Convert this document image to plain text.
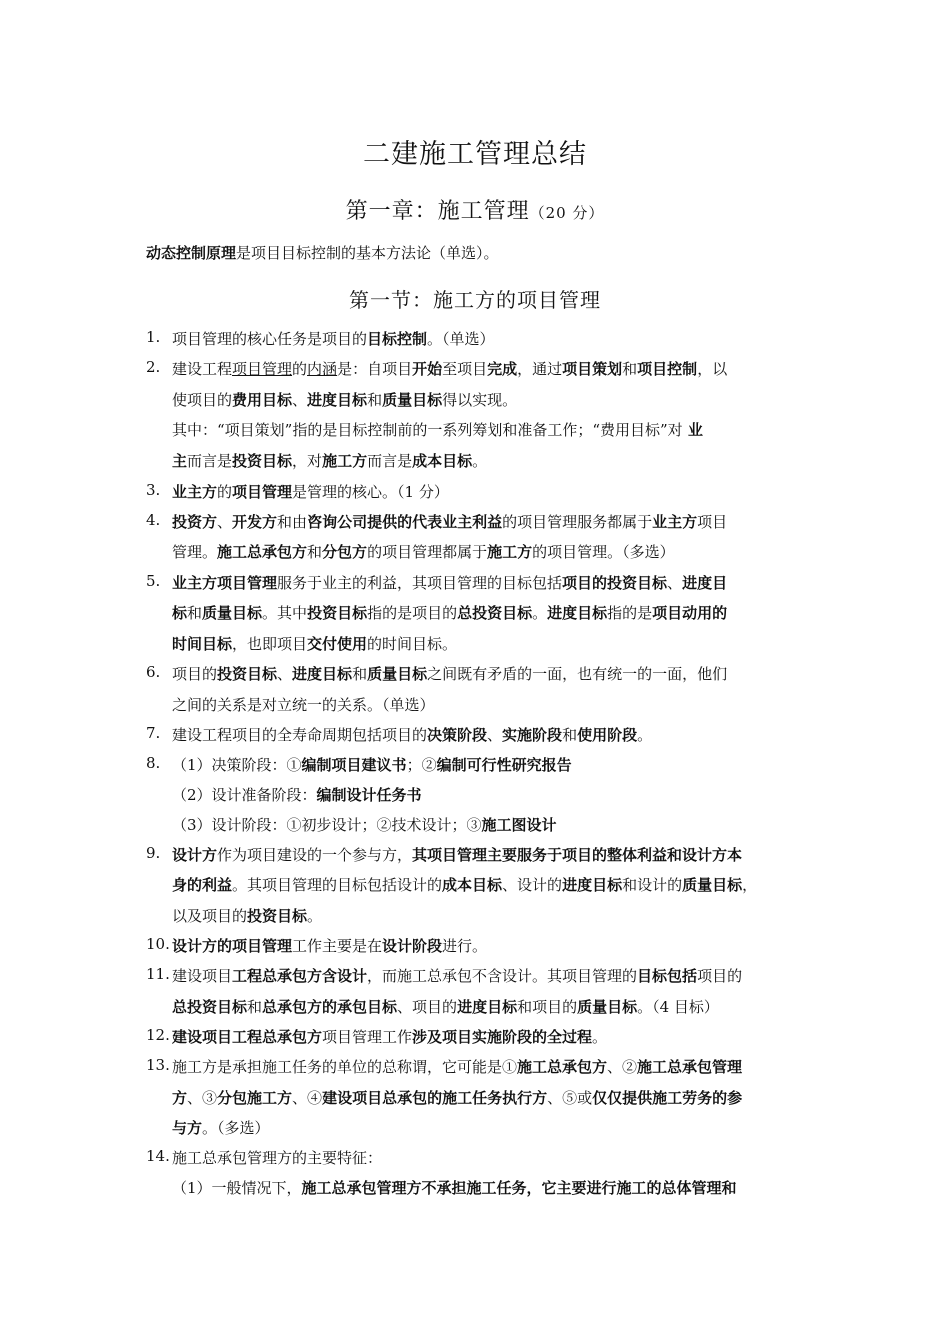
二建施工管理总结
第一章：施工管理（20 分）
动态控制原理是项目目标控制的基本方法论（单选）。
第一节：施工方的项目管理
1. 项目管理的核心任务是项目的目标控制。（单选）
2. 建设工程项目管理的内涵是：自项目开始至项目完成，通过项目策划和项目控制，以
使项目的费用目标、进度目标和质量目标得以实现。
其中：“项目策划”指的是目标控制前的一系列筹划和准备工作；“费用目标”对 业
主而言是投资目标，对施工方而言是成本目标。
3. 业主方的项目管理是管理的核心。（1 分）
4. 投资方、开发方和由咨询公司提供的代表业主利益的项目管理服务都属于业主方项目
管理。施工总承包方和分包方的项目管理都属于施工方的项目管理。（多选）
5. 业主方项目管理服务于业主的利益，其项目管理的目标包括项目的投资目标、进度目
标和质量目标。其中投资目标指的是项目的总投资目标。进度目标指的是项目动用的
时间目标，也即项目交付使用的时间目标。
6. 项目的投资目标、进度目标和质量目标之间既有矛盾的一面，也有统一的一面，他们
之间的关系是对立统一的关系。（单选）
7. 建设工程项目的全寿命周期包括项目的决策阶段、实施阶段和使用阶段。
8. （1）决策阶段：①编制项目建议书；②编制可行性研究报告
（2）设计准备阶段：编制设计任务书
（3）设计阶段：①初步设计；②技术设计；③施工图设计
9. 设计方作为项目建设的一个参与方，其项目管理主要服务于项目的整体利益和设计方本
身的利益。其项目管理的目标包括设计的成本目标、设计的进度目标和设计的质量目标，
以及项目的投资目标。
10. 设计方的项目管理工作主要是在设计阶段进行。
11. 建设项目工程总承包方含设计，而施工总承包不含设计。其项目管理的目标包括项目的
总投资目标和总承包方的承包目标、项目的进度目标和项目的质量目标。（4 目标）
12. 建设项目工程总承包方项目管理工作涉及项目实施阶段的全过程。
13. 施工方是承担施工任务的单位的总称谓，它可能是①施工总承包方、②施工总承包管理
方、③分包施工方、④建设项目总承包的施工任务执行方、⑤或仅仅提供施工劳务的参
与方。（多选）
14. 施工总承包管理方的主要特征：
（1）一般情况下，施工总承包管理方不承担施工任务，它主要进行施工的总体管理和
